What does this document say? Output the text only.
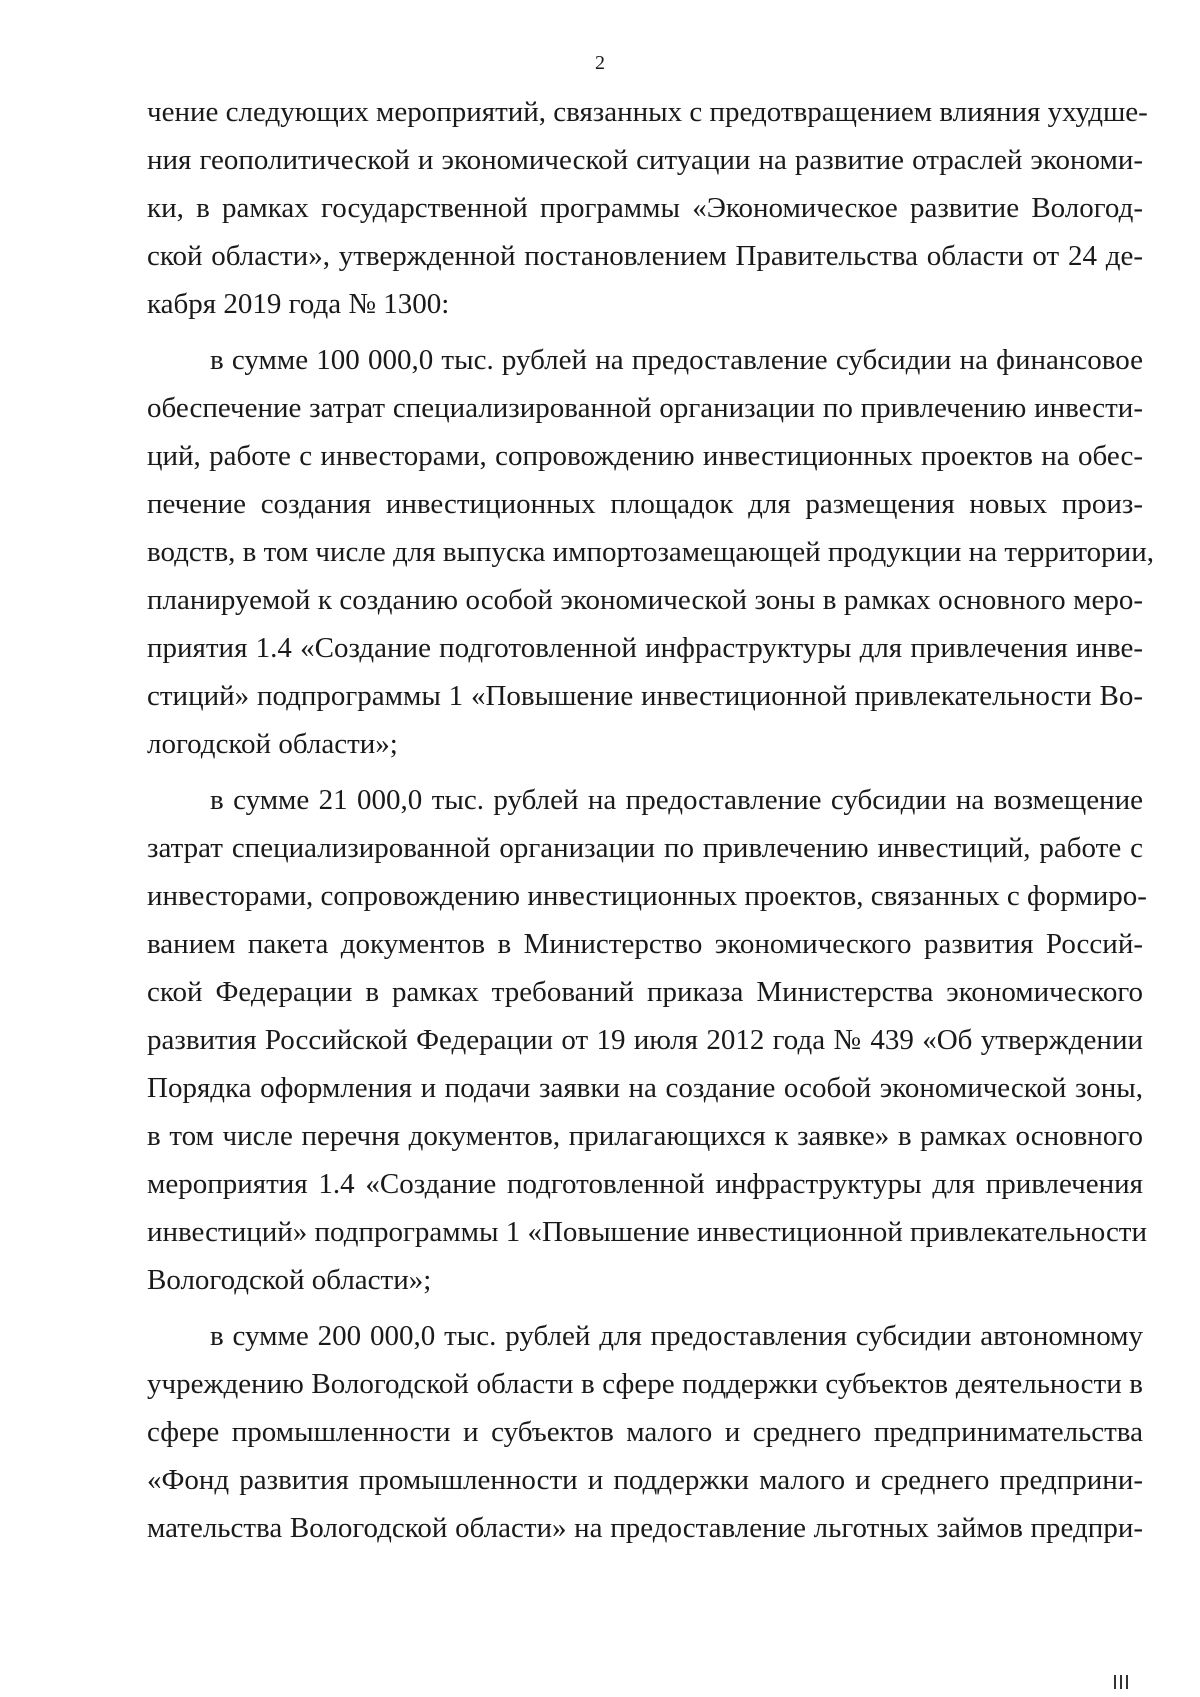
2
чение следующих мероприятий, связанных с предотвращением влияния ухудше-
ния геополитической и экономической ситуации на развитие отраслей экономи-
ки, в рамках государственной программы «Экономическое развитие Вологод-
ской области», утвержденной постановлением Правительства области от 24 де-
кабря 2019 года № 1300:
в сумме 100 000,0 тыс. рублей на предоставление субсидии на финансовое
обеспечение затрат специализированной организации по привлечению инвести-
ций, работе с инвесторами, сопровождению инвестиционных проектов на обес-
печение создания инвестиционных площадок для размещения новых произ-
водств, в том числе для выпуска импортозамещающей продукции на территории,
планируемой к созданию особой экономической зоны в рамках основного меро-
приятия 1.4 «Создание подготовленной инфраструктуры для привлечения инве-
стиций» подпрограммы 1 «Повышение инвестиционной привлекательности Во-
логодской области»;
в сумме 21 000,0 тыс. рублей на предоставление субсидии на возмещение
затрат специализированной организации по привлечению инвестиций, работе с
инвесторами, сопровождению инвестиционных проектов, связанных с формиро-
ванием пакета документов в Министерство экономического развития Россий-
ской Федерации в рамках требований приказа Министерства экономического
развития Российской Федерации от 19 июля 2012 года № 439 «Об утверждении
Порядка оформления и подачи заявки на создание особой экономической зоны,
в том числе перечня документов, прилагающихся к заявке» в рамках основного
мероприятия 1.4 «Создание подготовленной инфраструктуры для привлечения
инвестиций» подпрограммы 1 «Повышение инвестиционной привлекательности
Вологодской области»;
в сумме 200 000,0 тыс. рублей для предоставления субсидии автономному
учреждению Вологодской области в сфере поддержки субъектов деятельности в
сфере промышленности и субъектов малого и среднего предпринимательства
«Фонд развития промышленности и поддержки малого и среднего предприни-
мательства Вологодской области» на предоставление льготных займов предпри-
